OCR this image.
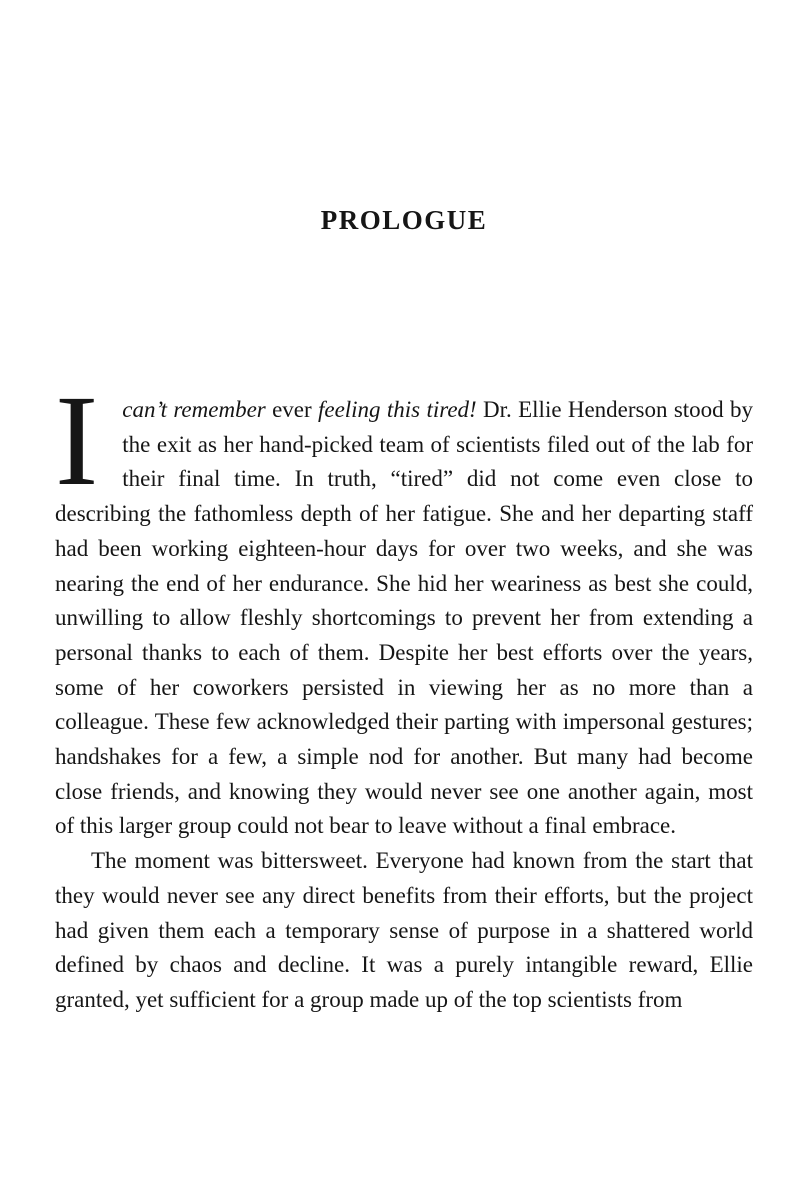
PROLOGUE

I can’t remember ever feeling this tired! Dr. Ellie Henderson stood by the exit as her hand-picked team of scientists filed out of the lab for their final time. In truth, “tired” did not come even close to describing the fathomless depth of her fatigue. She and her departing staff had been working eighteen-hour days for over two weeks, and she was nearing the end of her endurance. She hid her weariness as best she could, unwilling to allow fleshly shortcomings to prevent her from extending a personal thanks to each of them. Despite her best efforts over the years, some of her coworkers persisted in viewing her as no more than a colleague. These few acknowledged their parting with impersonal gestures; handshakes for a few, a simple nod for another. But many had become close friends, and knowing they would never see one another again, most of this larger group could not bear to leave without a final embrace.

The moment was bittersweet. Everyone had known from the start that they would never see any direct benefits from their efforts, but the project had given them each a temporary sense of purpose in a shattered world defined by chaos and decline. It was a purely intangible reward, Ellie granted, yet sufficient for a group made up of the top scientists from
